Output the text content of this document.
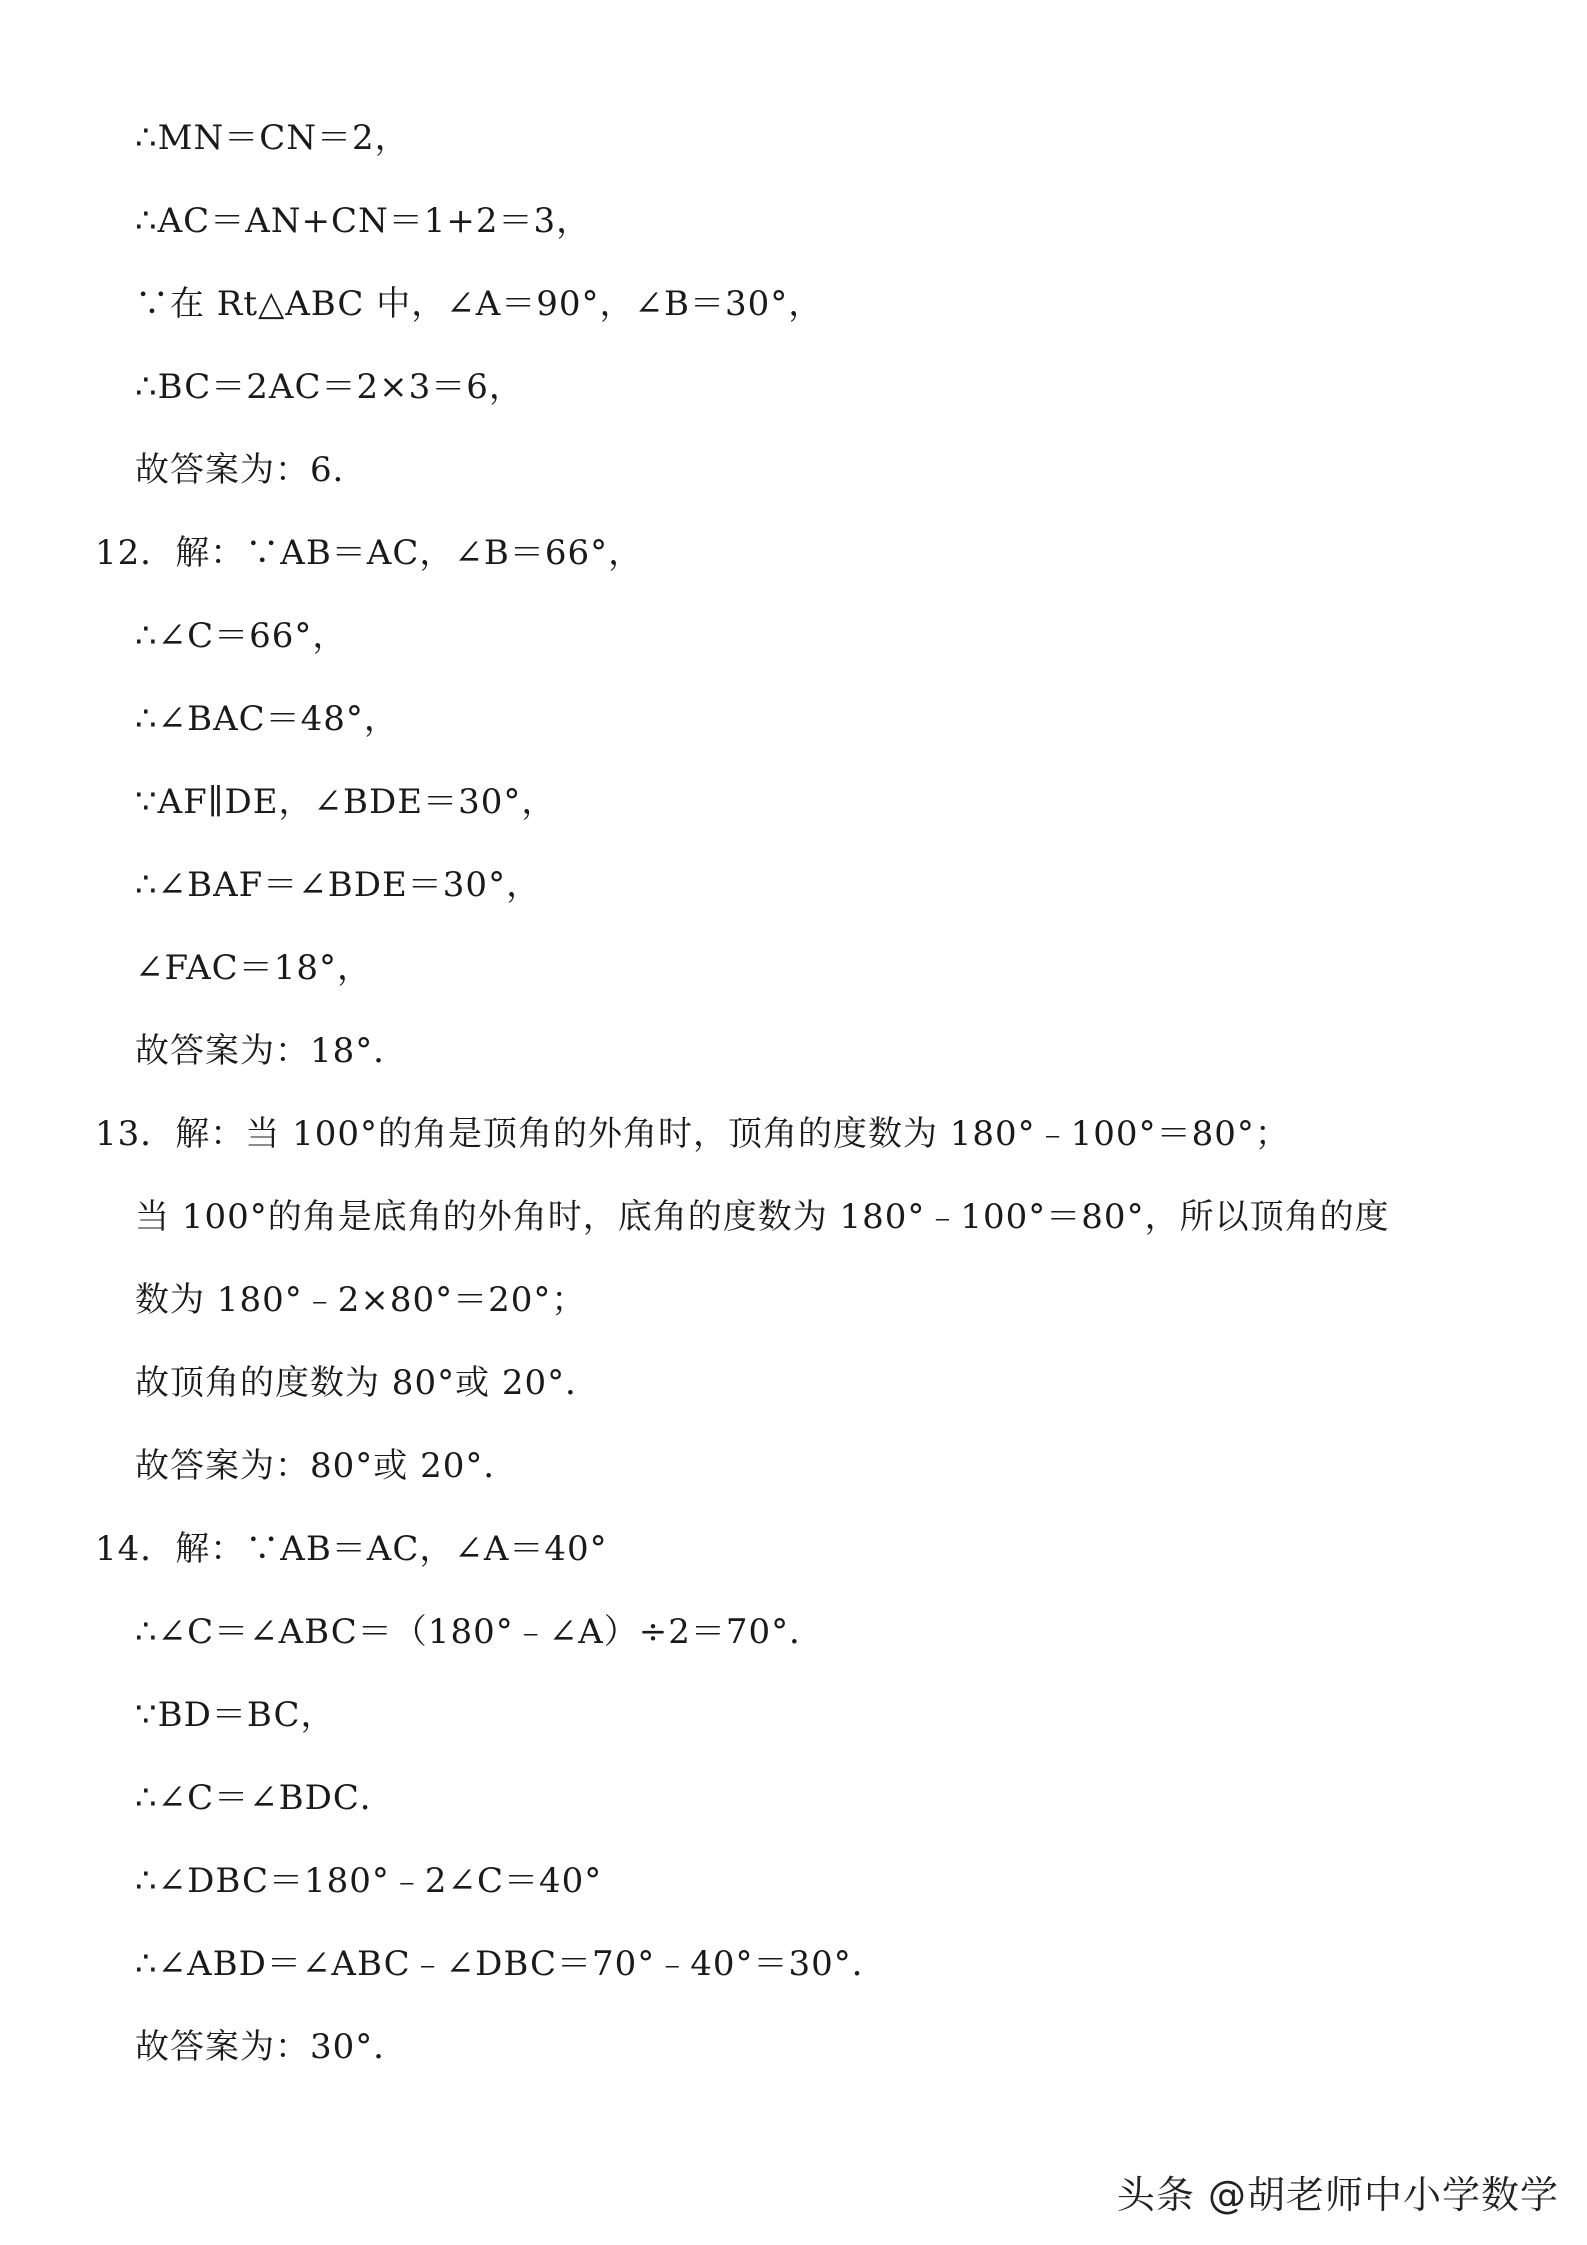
∴MN＝CN＝2，
∴AC＝AN+CN＝1+2＝3，
∵在 Rt△ABC 中，∠A＝90°，∠B＝30°，
∴BC＝2AC＝2×3＝6，
故答案为：6．
12．解：∵AB＝AC，∠B＝66°，
∴∠C＝66°，
∴∠BAC＝48°，
∵AF∥DE，∠BDE＝30°，
∴∠BAF＝∠BDE＝30°，
∠FAC＝18°，
故答案为：18°．
13．解：当 100°的角是顶角的外角时，顶角的度数为 180°﹣100°＝80°；
当 100°的角是底角的外角时，底角的度数为 180°﹣100°＝80°，所以顶角的度
数为 180°﹣2×80°＝20°；
故顶角的度数为 80°或 20°．
故答案为：80°或 20°．
14．解：∵AB＝AC，∠A＝40°
∴∠C＝∠ABC＝（180°﹣∠A）÷2＝70°．
∵BD＝BC，
∴∠C＝∠BDC．
∴∠DBC＝180°﹣2∠C＝40°
∴∠ABD＝∠ABC﹣∠DBC＝70°﹣40°＝30°．
故答案为：30°．
头条 @胡老师中小学数学
